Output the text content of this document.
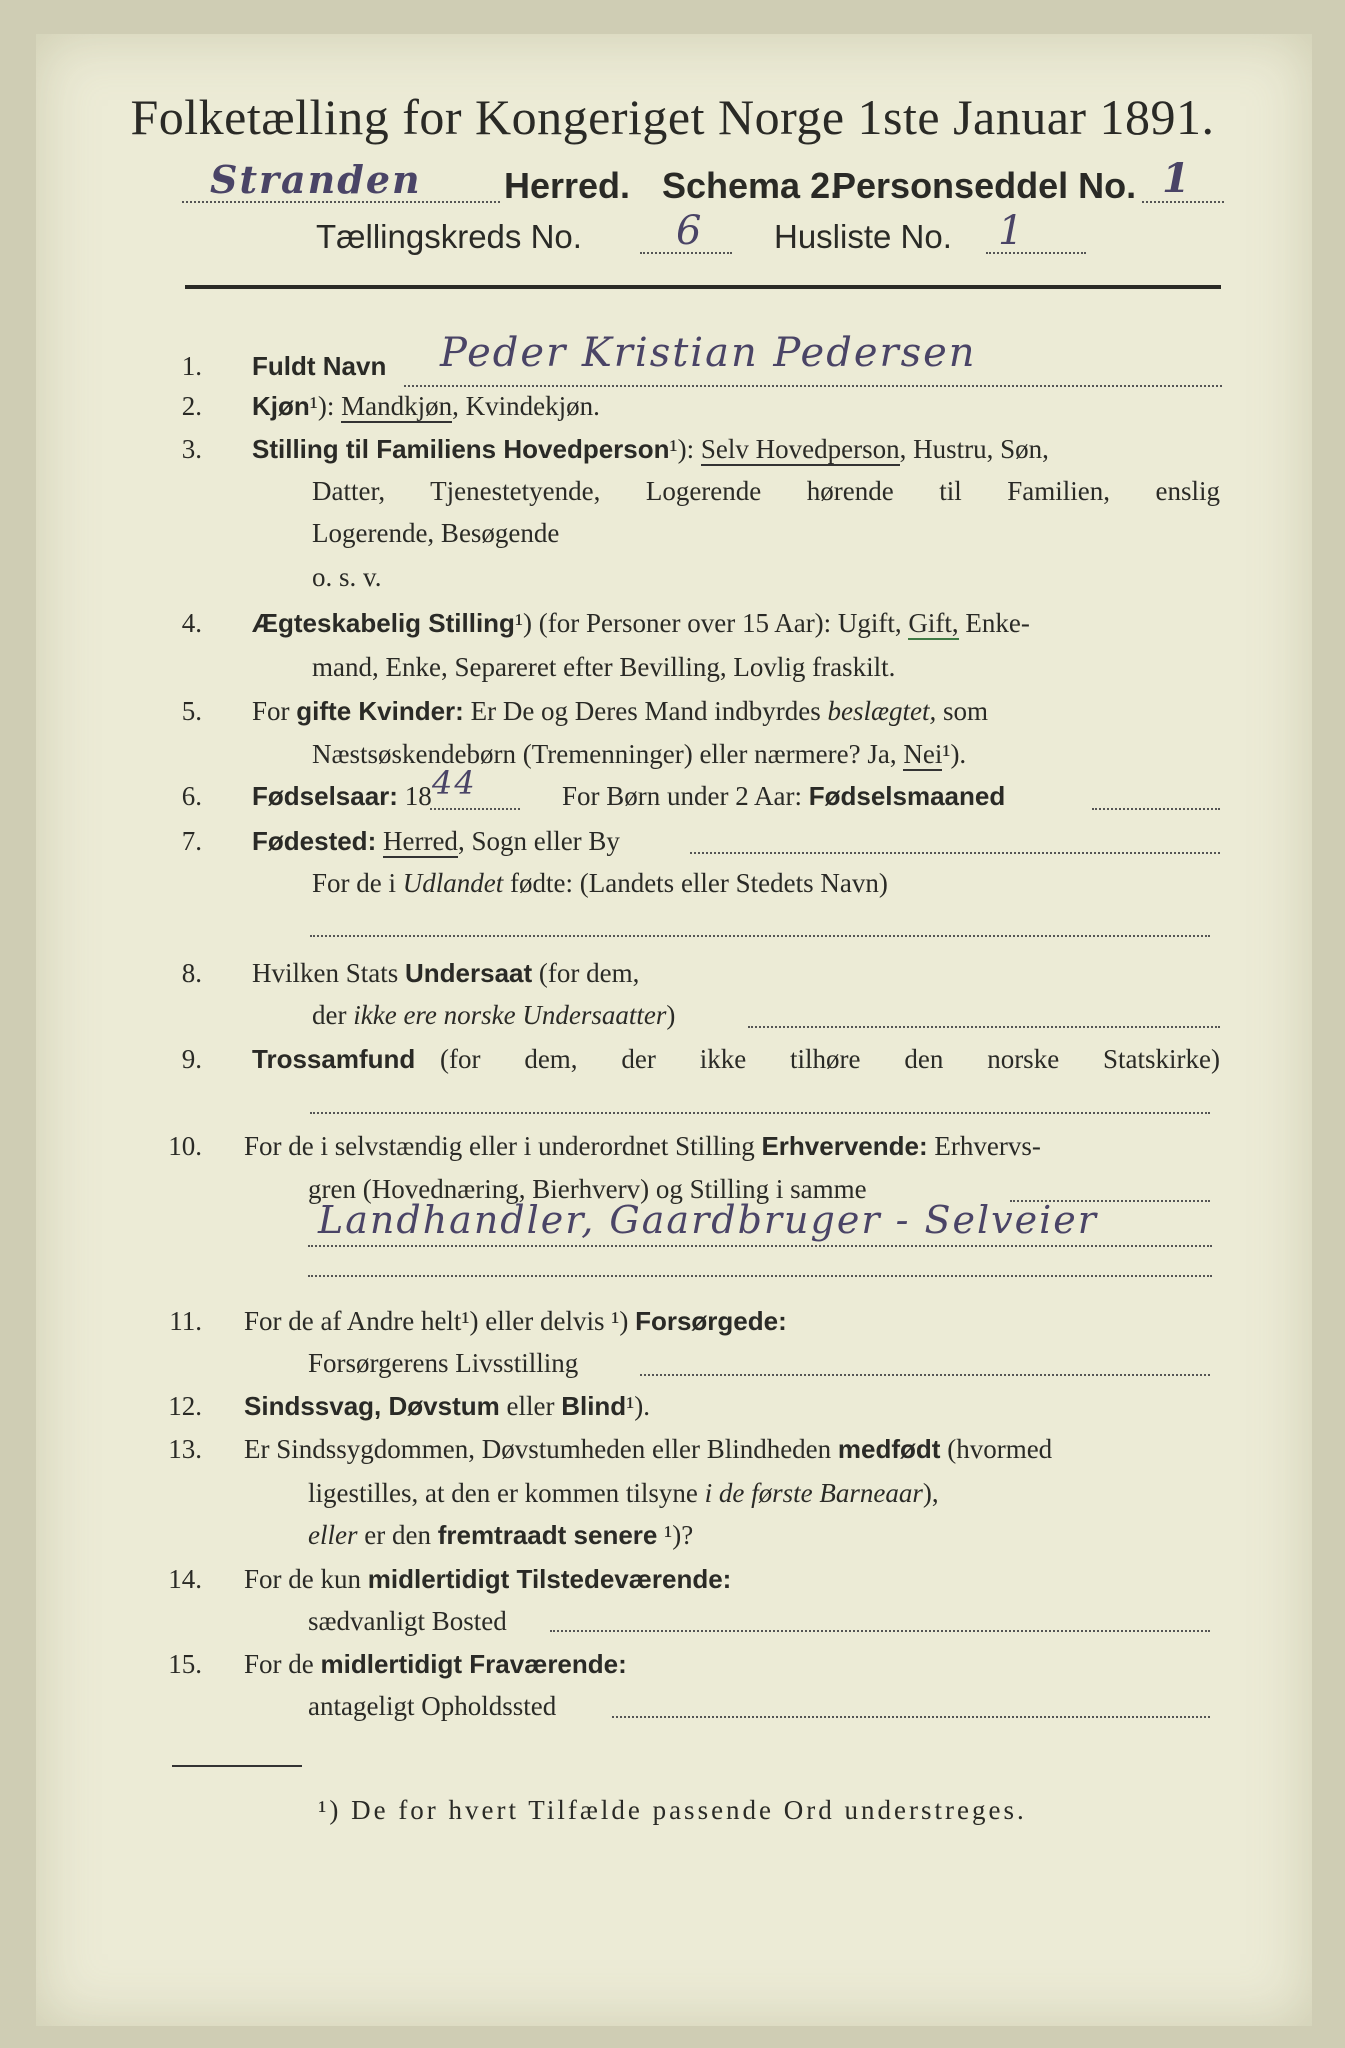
Folketælling for Kongeriget Norge 1ste Januar 1891.
Stranden Herred. Schema 2.
Personseddel No. 1
Tællingskreds No. 6 Husliste No. 1
1. Fuldt Navn Peder Kristian Pedersen
2. Kjøn¹): Mandkjøn, Kvindekjøn.
3. Stilling til Familiens Hovedperson¹): Selv Hovedperson, Hustru, Søn,
Datter, Tjenestetyende, Logerende hørende til Familien, enslig
Logerende, Besøgende
o. s. v.
4. Ægteskabelig Stilling¹) (for Personer over 15 Aar): Ugift, Gift, Enke-
mand, Enke, Separeret efter Bevilling, Lovlig fraskilt.
5. For gifte Kvinder: Er De og Deres Mand indbyrdes beslægtet, som
Næstsøskendebørn (Tremenninger) eller nærmere? Ja, Nei¹).
6. Fødselsaar: 18 44	For Børn under 2 Aar: Fødselsmaaned
7. Fødested: Herred, Sogn eller By
For de i Udlandet fødte: (Landets eller Stedets Navn)
8. Hvilken Stats Undersaat (for dem,
der ikke ere norske Undersaatter)
9. Trossamfund (for dem, der ikke tilhøre den norske Statskirke)
10. For de i selvstændig eller i underordnet Stilling Erhvervende: Erhvervs-
gren (Hovednæring, Bierhverv) og Stilling i samme
Landhandler, Gaardbruger - Selveier
11. For de af Andre helt¹) eller delvis ¹) Forsørgede:
Forsørgerens Livsstilling
12. Sindssvag, Døvstum eller Blind¹).
13. Er Sindssygdommen, Døvstumheden eller Blindheden medfødt (hvormed
ligestilles, at den er kommen tilsyne i de første Barneaar),
eller er den fremtraadt senere ¹)?
14. For de kun midlertidigt Tilstedeværende:
sædvanligt Bosted
15. For de midlertidigt Fraværende:
antageligt Opholdssted
¹) De for hvert Tilfælde passende Ord understreges.
